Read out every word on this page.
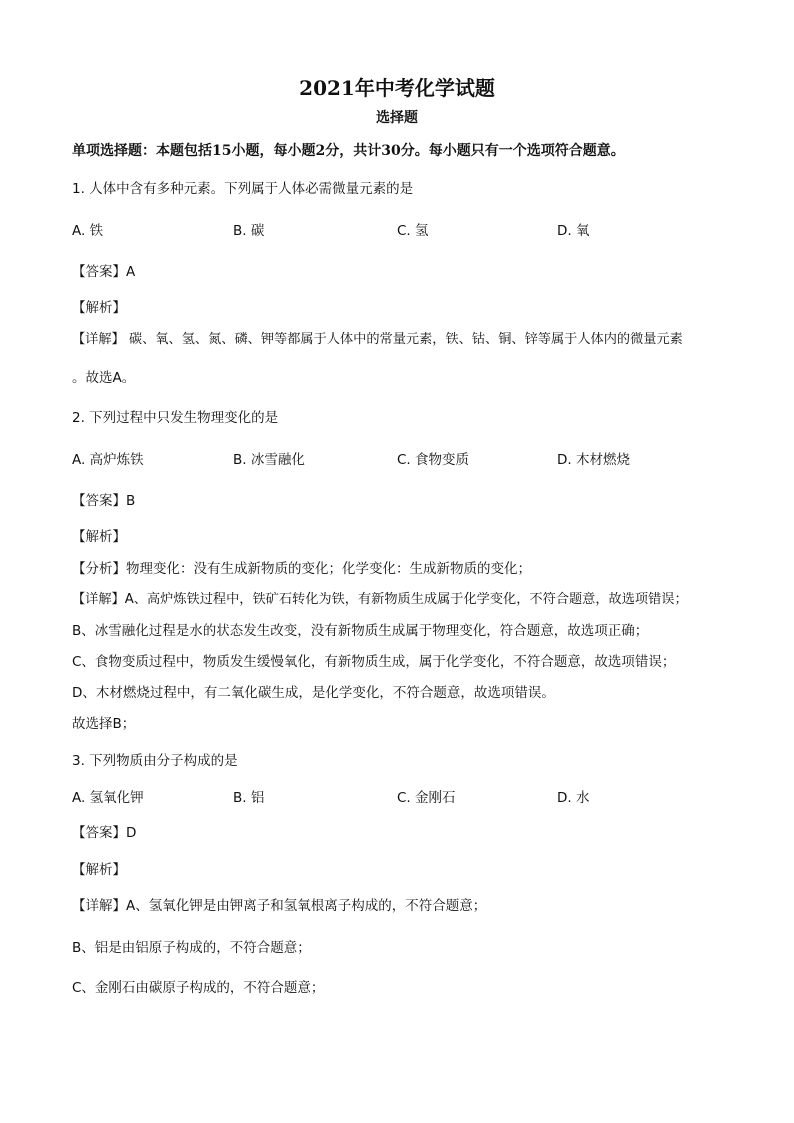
2021年中考化学试题
选择题
单项选择题：本题包括15小题，每小题2分，共计30分。每小题只有一个选项符合题意。
1. 人体中含有多种元素。下列属于人体必需微量元素的是
A. 铁	B. 碳	C. 氢	D. 氧
【答案】A
【解析】
【详解】 碳、氧、氢、氮、磷、钾等都属于人体中的常量元素，铁、钴、铜、锌等属于人体内的微量元素
。故选A。
2. 下列过程中只发生物理变化的是
A. 高炉炼铁	B. 冰雪融化	C. 食物变质	D. 木材燃烧
【答案】B
【解析】
【分析】物理变化：没有生成新物质的变化；化学变化：生成新物质的变化；
【详解】A、高炉炼铁过程中，铁矿石转化为铁，有新物质生成属于化学变化，不符合题意，故选项错误；
B、冰雪融化过程是水的状态发生改变，没有新物质生成属于物理变化，符合题意，故选项正确；
C、食物变质过程中，物质发生缓慢氧化，有新物质生成，属于化学变化，不符合题意，故选项错误；
D、木材燃烧过程中，有二氧化碳生成，是化学变化，不符合题意，故选项错误。
故选择B；
3. 下列物质由分子构成的是
A. 氢氧化钾	B. 铝	C. 金刚石	D. 水
【答案】D
【解析】
【详解】A、氢氧化钾是由钾离子和氢氧根离子构成的，不符合题意；
B、铝是由铝原子构成的，不符合题意；
C、金刚石由碳原子构成的，不符合题意；
